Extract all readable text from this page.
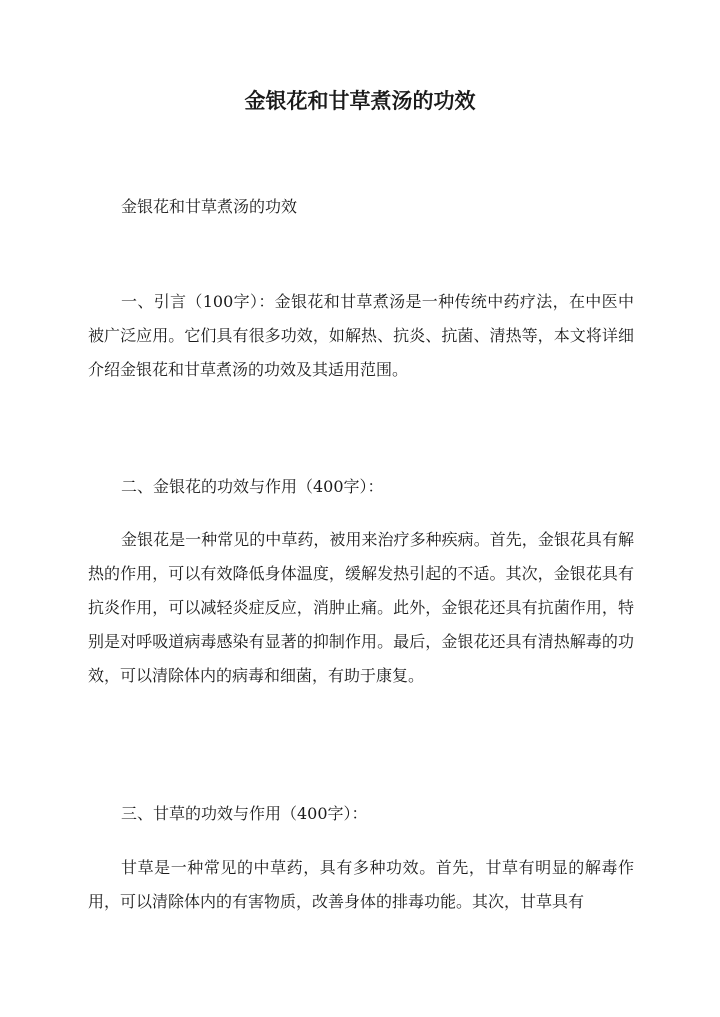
金银花和甘草煮汤的功效

金银花和甘草煮汤的功效

一、引言（100字）：金银花和甘草煮汤是一种传统中药疗法，在中医中被广泛应用。它们具有很多功效，如解热、抗炎、抗菌、清热等，本文将详细介绍金银花和甘草煮汤的功效及其适用范围。

二、金银花的功效与作用（400字）：

金银花是一种常见的中草药，被用来治疗多种疾病。首先，金银花具有解热的作用，可以有效降低身体温度，缓解发热引起的不适。其次，金银花具有抗炎作用，可以减轻炎症反应，消肿止痛。此外，金银花还具有抗菌作用，特别是对呼吸道病毒感染有显著的抑制作用。最后，金银花还具有清热解毒的功效，可以清除体内的病毒和细菌，有助于康复。

三、甘草的功效与作用（400字）：

甘草是一种常见的中草药，具有多种功效。首先，甘草有明显的解毒作用，可以清除体内的有害物质，改善身体的排毒功能。其次，甘草具有
